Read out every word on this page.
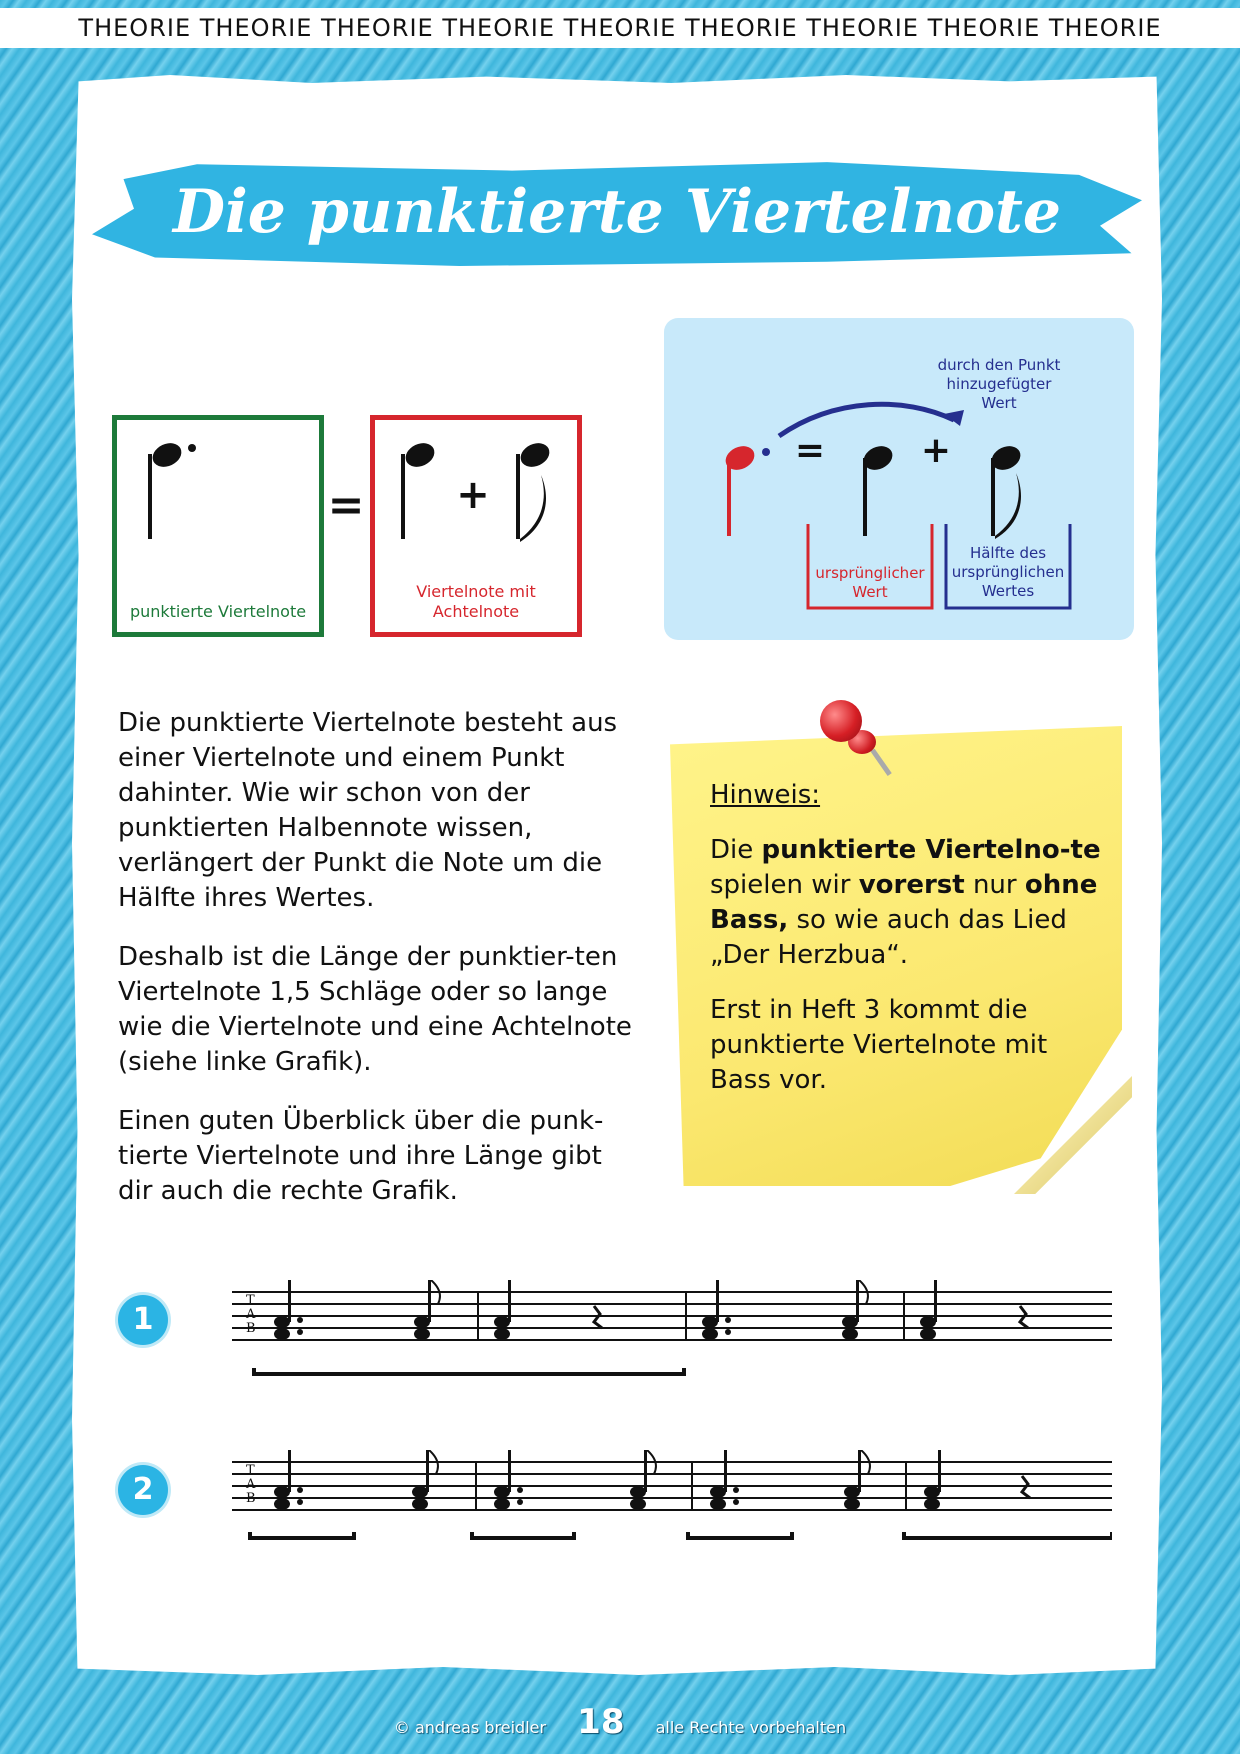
THEORIE THEORIE THEORIE THEORIE THEORIE THEORIE THEORIE THEORIE THEORIE
Die punktierte Viertelnote
punktierte Viertelnote
= +
Viertelnote mit Achtelnote
=	+
durch den Punkt hinzugefügter Wert
ursprünglicher Wert
Hälfte des ursprünglichen Wertes

Die punktierte Viertelnote besteht aus einer Viertelnote und einem Punkt dahinter. Wie wir schon von der punktierten Halbennote wissen, verlängert der Punkt die Note um die Hälfte ihres Wertes.

Deshalb ist die Länge der punktier-ten Viertelnote 1,5 Schläge oder so lange wie die Viertelnote und eine Achtelnote (siehe linke Grafik).

Einen guten Überblick über die punk-tierte Viertelnote und ihre Länge gibt dir auch die rechte Grafik.

Hinweis:

Die punktierte Viertelno-te spielen wir vorerst nur ohne Bass, so wie auch das Lied „Der Herzbua“.

Erst in Heft 3 kommt die punktierte Viertelnote mit Bass vor.

1
T
A
B
2
T
A
B
© andreas breidler 18 alle Rechte vorbehalten
